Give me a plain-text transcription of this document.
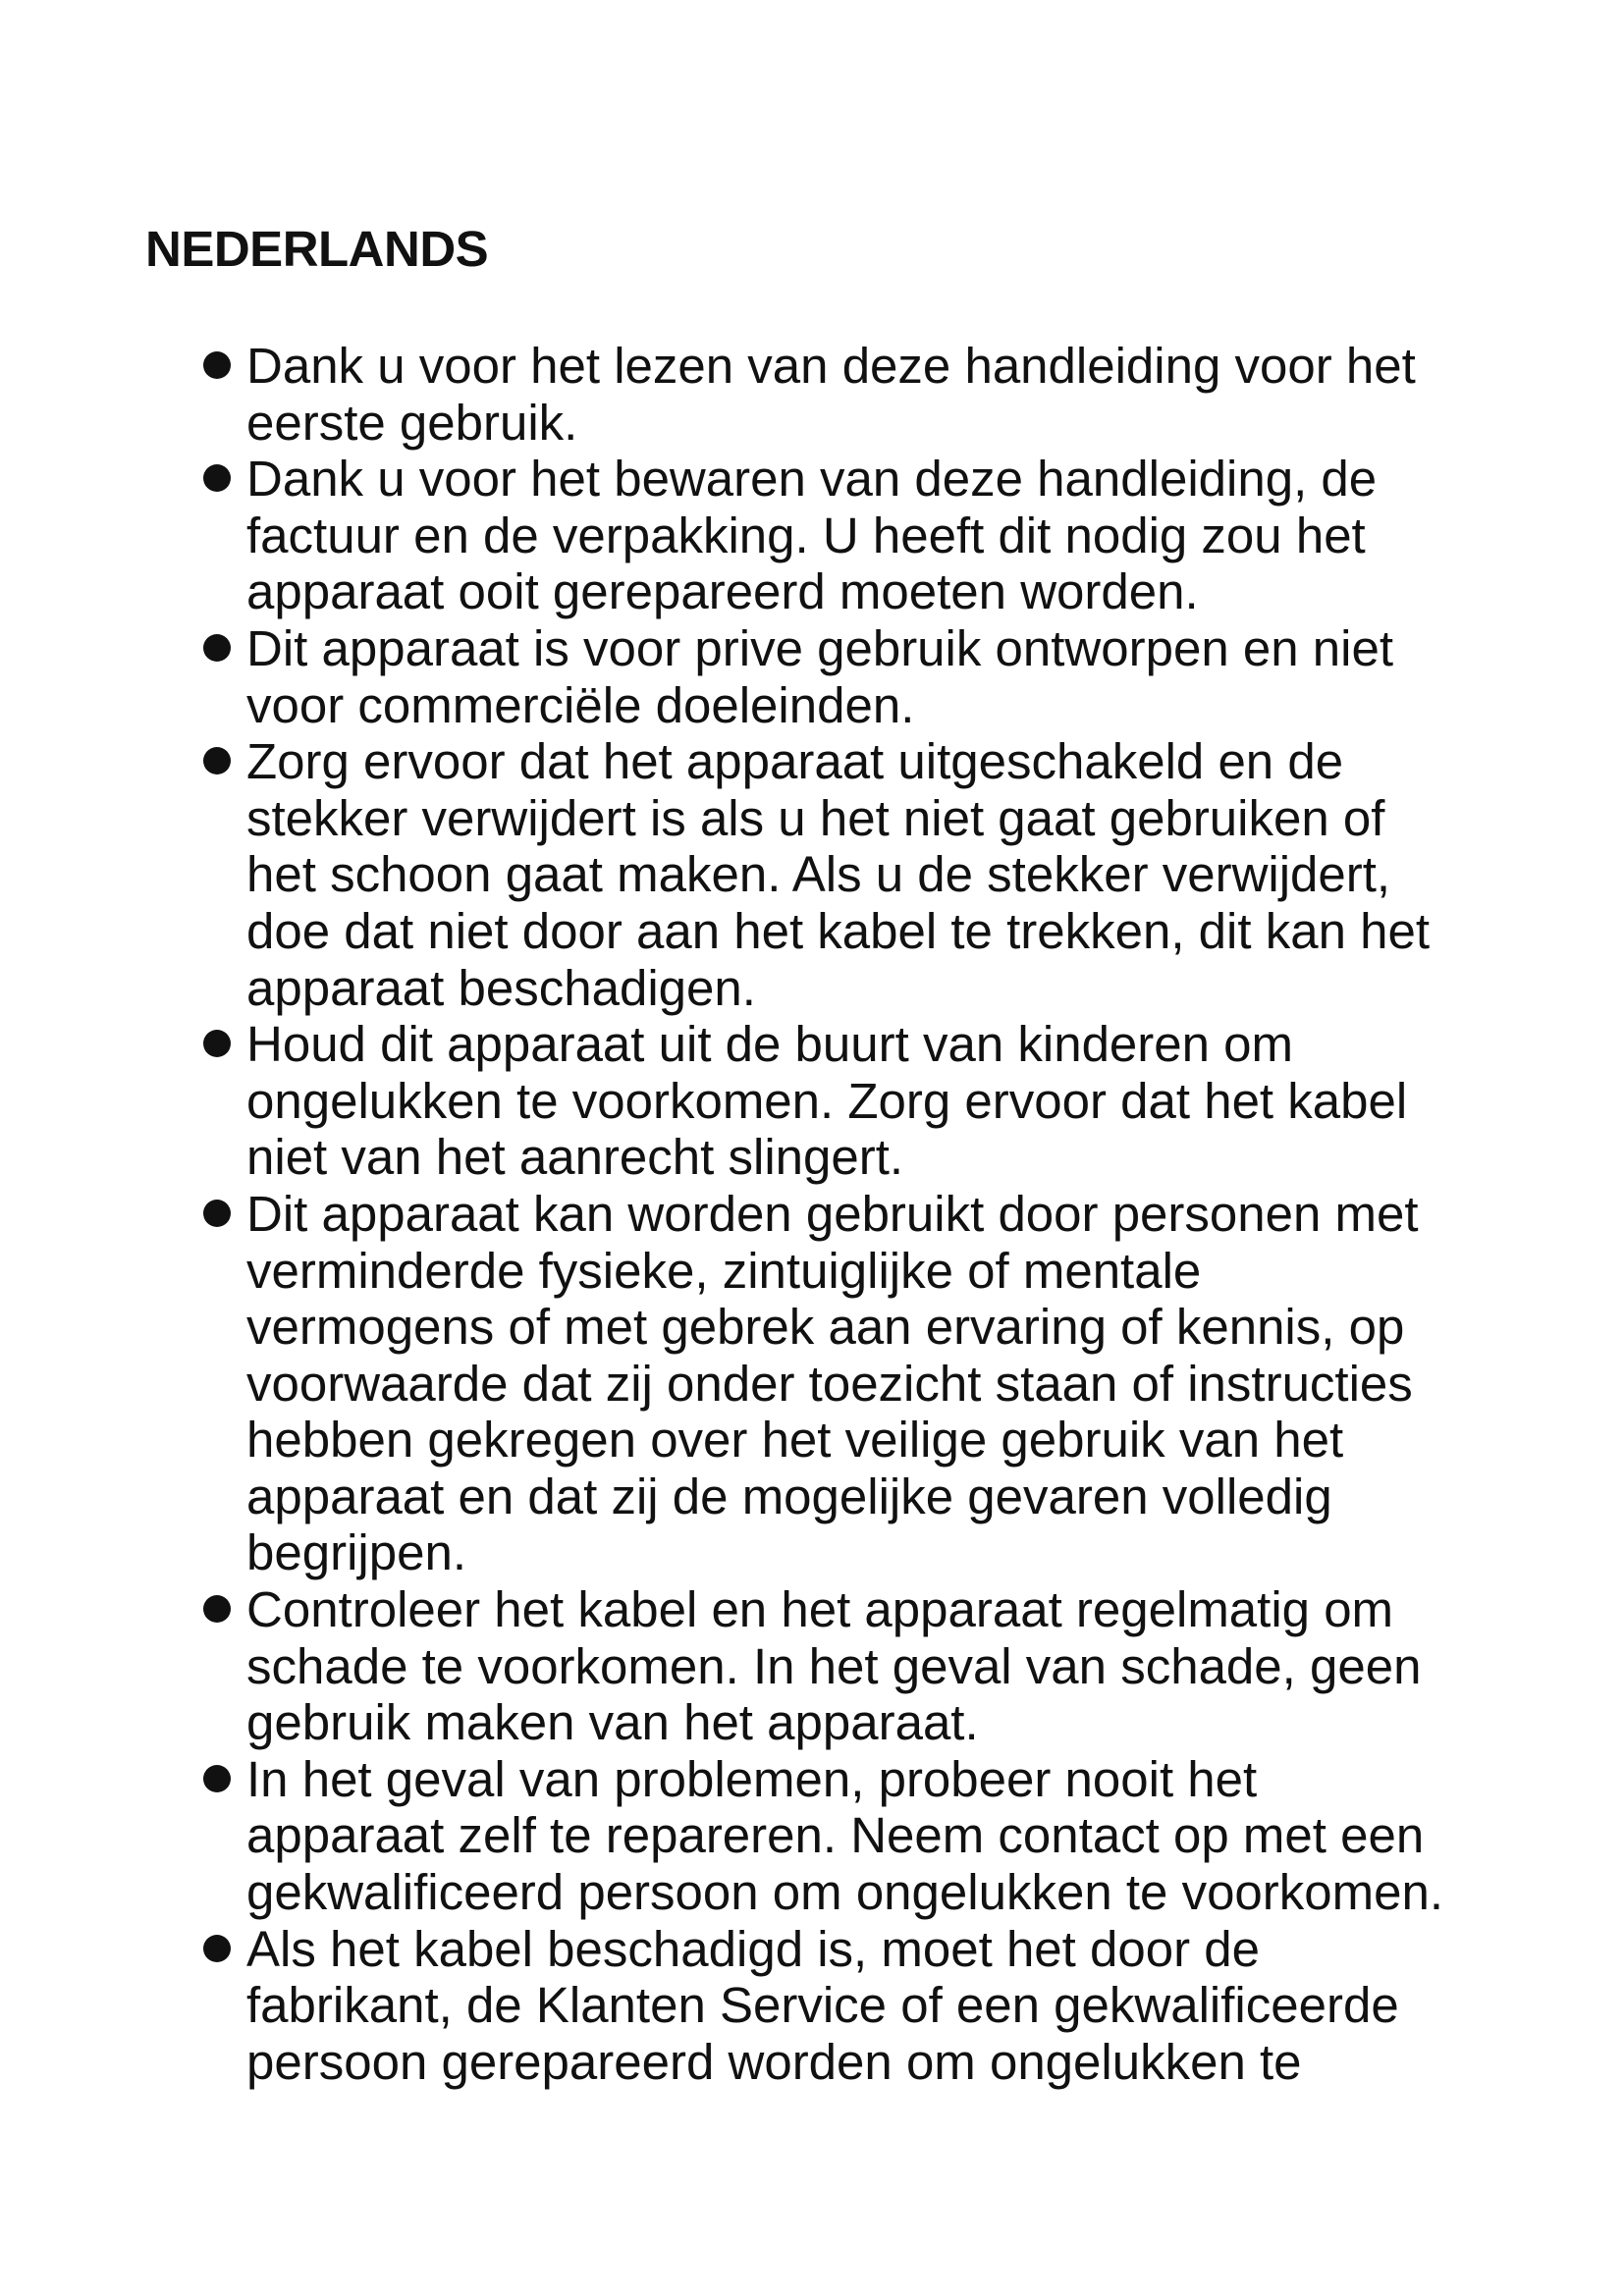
NEDERLANDS
Dank u voor het lezen van deze handleiding voor het
eerste gebruik.
Dank u voor het bewaren van deze handleiding, de
factuur en de verpakking. U heeft dit nodig zou het
apparaat ooit gerepareerd moeten worden.
Dit apparaat is voor prive gebruik ontworpen en niet
voor commerciële doeleinden.
Zorg ervoor dat het apparaat uitgeschakeld en de
stekker verwijdert is als u het niet gaat gebruiken of
het schoon gaat maken. Als u de stekker verwijdert,
doe dat niet door aan het kabel te trekken, dit kan het
apparaat beschadigen.
Houd dit apparaat uit de buurt van kinderen om
ongelukken te voorkomen. Zorg ervoor dat het kabel
niet van het aanrecht slingert.
Dit apparaat kan worden gebruikt door personen met
verminderde fysieke, zintuiglijke of mentale
vermogens of met gebrek aan ervaring of kennis, op
voorwaarde dat zij onder toezicht staan of instructies
hebben gekregen over het veilige gebruik van het
apparaat en dat zij de mogelijke gevaren volledig
begrijpen.
Controleer het kabel en het apparaat regelmatig om
schade te voorkomen. In het geval van schade, geen
gebruik maken van het apparaat.
In het geval van problemen, probeer nooit het
apparaat zelf te repareren. Neem contact op met een
gekwalificeerd persoon om ongelukken te voorkomen.
Als het kabel beschadigd is, moet het door de
fabrikant, de Klanten Service of een gekwalificeerde
persoon gerepareerd worden om ongelukken te
